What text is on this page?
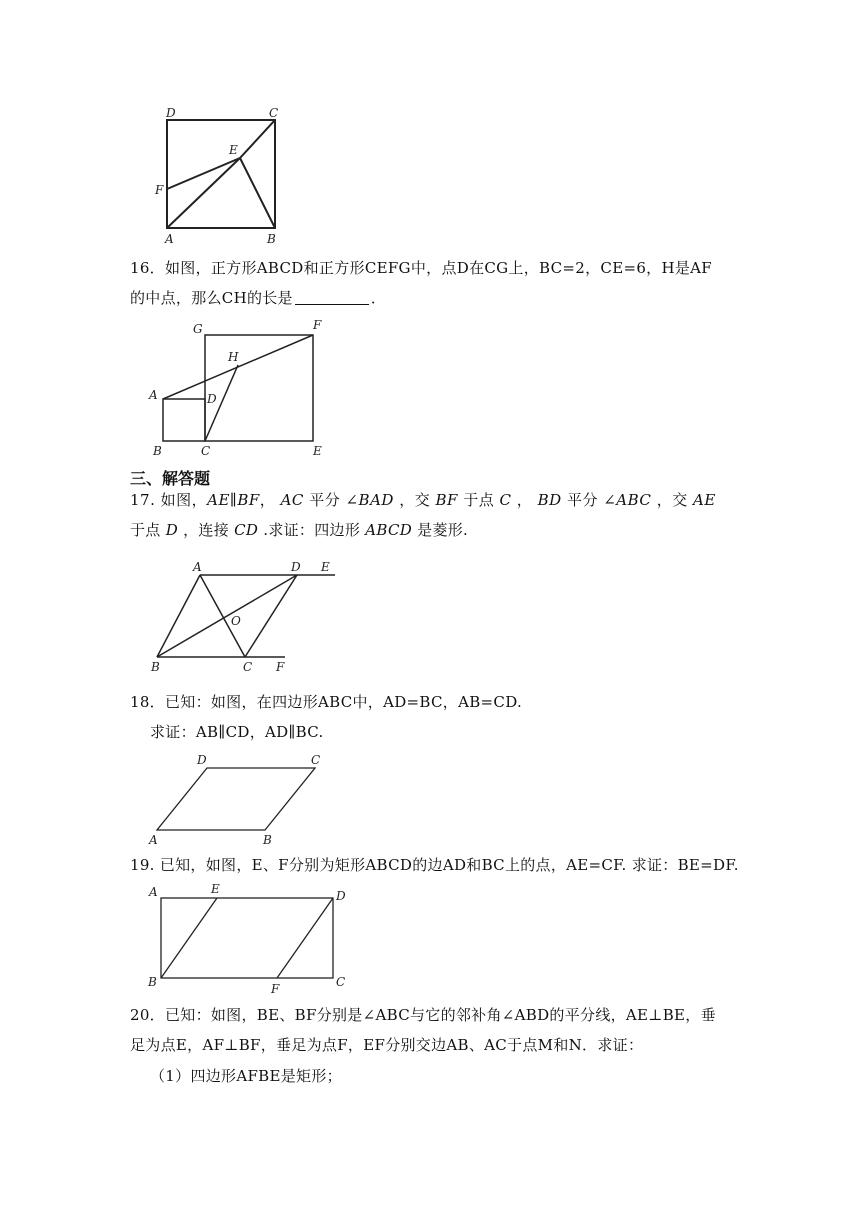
D	C
E
F
A	B
16．如图，正方形ABCD和正方形CEFG中，点D在CG上，BC=2，CE=6，H是AF
的中点，那么CH的长是	．
G	F
H
A	D
B	C	E
三、解答题
17. 如图，AE∥BF， AC 平分 ∠BAD ，交 BF 于点 C ， BD 平分 ∠ABC ，交 AE
于点 D ，连接 CD .求证：四边形 ABCD 是菱形.
A	D E
O
B	C F
18．已知：如图，在四边形ABC中，AD=BC，AB=CD.
求证：AB∥CD，AD∥BC.
D	C
A	B
19. 已知，如图，E、F分别为矩形ABCD的边AD和BC上的点，AE=CF. 求证：BE=DF.
A	E	D
B	F	C
20．已知：如图，BE、BF分别是∠ABC与它的邻补角∠ABD的平分线，AE⊥BE，垂
足为点E，AF⊥BF，垂足为点F，EF分别交边AB、AC于点M和N．求证：
（1）四边形AFBE是矩形；
